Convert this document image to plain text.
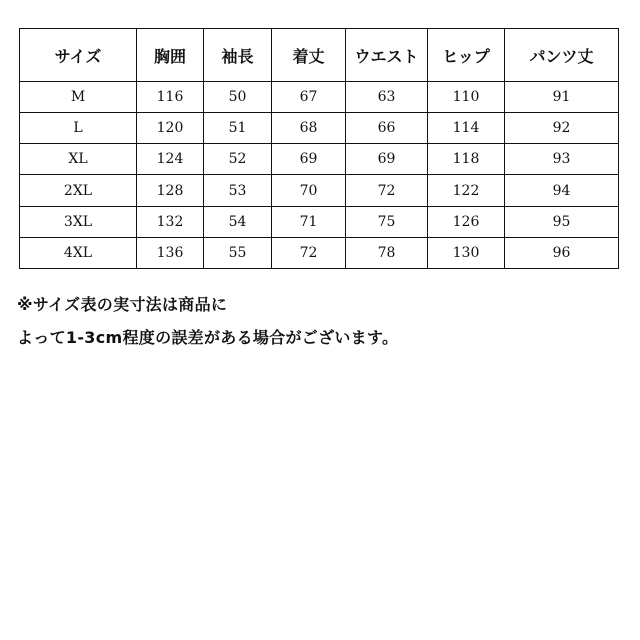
サイズ	胸囲	袖長	着丈	ウエスト	ヒップ	パンツ丈
M	116	50	67	63	110	91
L	120	51	68	66	114	92
XL	124	52	69	69	118	93
2XL	128	53	70	72	122	94
3XL	132	54	71	75	126	95
4XL	136	55	72	78	130	96
※サイズ表の実寸法は商品に
よって1-3cm程度の誤差がある場合がございます。
